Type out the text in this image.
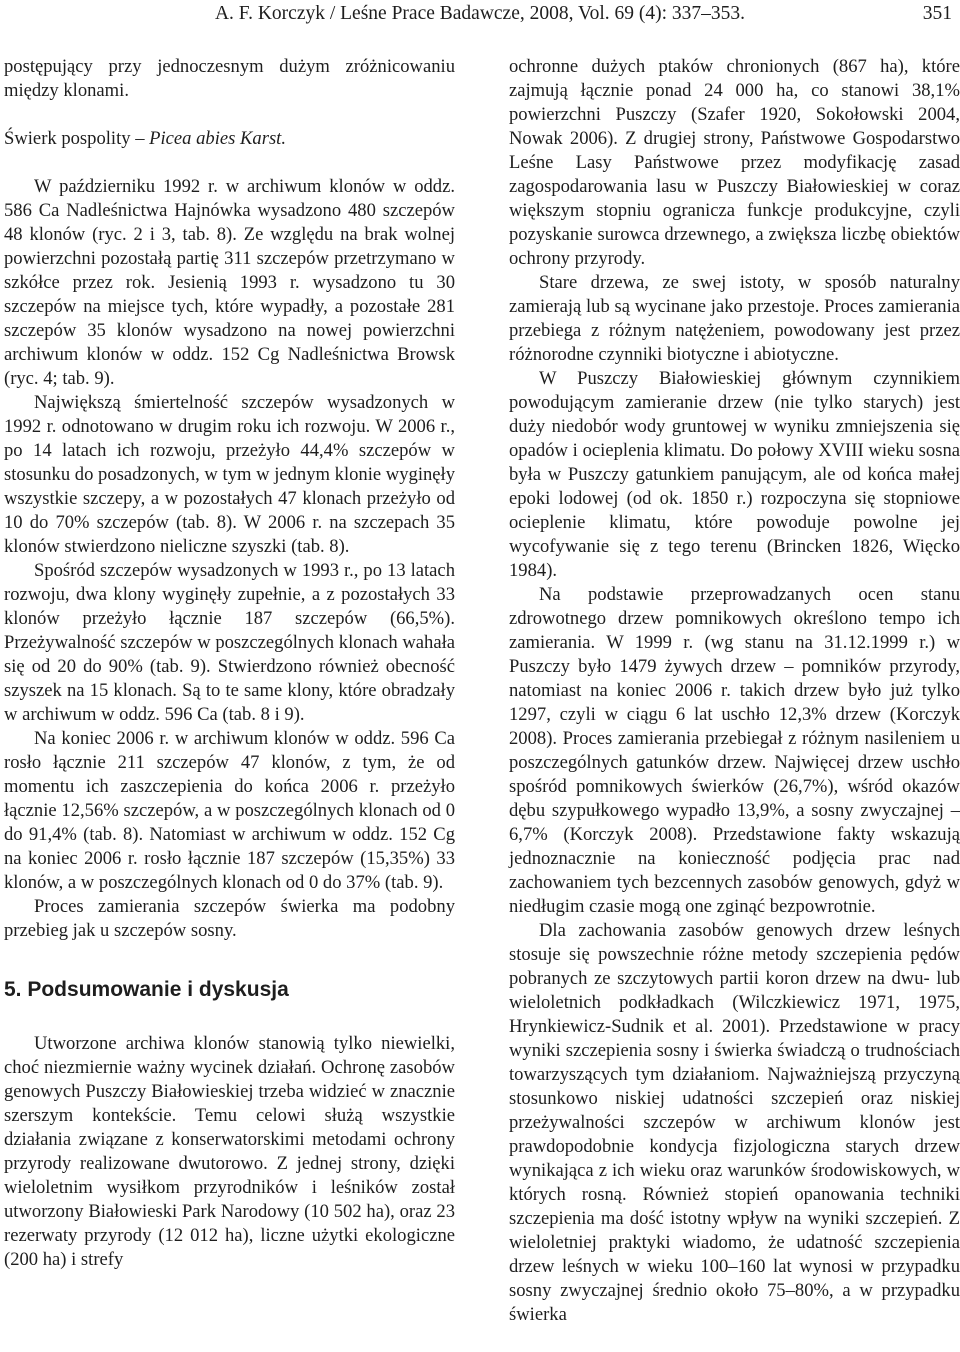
A. F. Korczyk / Leśne Prace Badawcze, 2008, Vol. 69 (4): 337–353.	351

postępujący przy jednoczesnym dużym zróżnicowaniu między klonami.

Świerk pospolity – Picea abies Karst.

W październiku 1992 r. w archiwum klonów w oddz. 586 Ca Nadleśnictwa Hajnówka wysadzono 480 szczepów 48 klonów (ryc. 2 i 3, tab. 8). Ze względu na brak wolnej powierzchni pozostałą partię 311 szczepów przetrzymano w szkółce przez rok. Jesienią 1993 r. wysadzono tu 30 szczepów na miejsce tych, które wypadły, a pozostałe 281 szczepów 35 klonów wysadzono na nowej powierzchni archiwum klonów w oddz. 152 Cg Nadleśnictwa Browsk (ryc. 4; tab. 9).

Największą śmiertelność szczepów wysadzonych w 1992 r. odnotowano w drugim roku ich rozwoju. W 2006 r., po 14 latach ich rozwoju, przeżyło 44,4% szczepów w stosunku do posadzonych, w tym w jednym klonie wyginęły wszystkie szczepy, a w pozostałych 47 klonach przeżyło od 10 do 70% szczepów (tab. 8). W 2006 r. na szczepach 35 klonów stwierdzono nieliczne szyszki (tab. 8).

Spośród szczepów wysadzonych w 1993 r., po 13 latach rozwoju, dwa klony wyginęły zupełnie, a z pozostałych 33 klonów przeżyło łącznie 187 szczepów (66,5%). Przeżywalność szczepów w poszczególnych klonach wahała się od 20 do 90% (tab. 9). Stwierdzono również obecność szyszek na 15 klonach. Są to te same klony, które obradzały w archiwum w oddz. 596 Ca (tab. 8 i 9).

Na koniec 2006 r. w archiwum klonów w oddz. 596 Ca rosło łącznie 211 szczepów 47 klonów, z tym, że od momentu ich zaszczepienia do końca 2006 r. przeżyło łącznie 12,56% szczepów, a w poszczególnych klonach od 0 do 91,4% (tab. 8). Natomiast w archiwum w oddz. 152 Cg na koniec 2006 r. rosło łącznie 187 szczepów (15,35%) 33 klonów, a w poszczególnych klonach od 0 do 37% (tab. 9).

Proces zamierania szczepów świerka ma podobny przebieg jak u szczepów sosny.

5. Podsumowanie i dyskusja

Utworzone archiwa klonów stanowią tylko niewielki, choć niezmiernie ważny wycinek działań. Ochronę zasobów genowych Puszczy Białowieskiej trzeba widzieć w znacznie szerszym kontekście. Temu celowi służą wszystkie działania związane z konserwatorskimi metodami ochrony przyrody realizowane dwutorowo. Z jednej strony, dzięki wieloletnim wysiłkom przyrodników i leśników został utworzony Białowieski Park Narodowy (10 502 ha), oraz 23 rezerwaty przyrody (12 012 ha), liczne użytki ekologiczne (200 ha) i strefy

ochronne dużych ptaków chronionych (867 ha), które zajmują łącznie ponad 24 000 ha, co stanowi 38,1% powierzchni Puszczy (Szafer 1920, Sokołowski 2004, Nowak 2006). Z drugiej strony, Państwowe Gospodarstwo Leśne Lasy Państwowe przez modyfikację zasad zagospodarowania lasu w Puszczy Białowieskiej w coraz większym stopniu ogranicza funkcje produkcyjne, czyli pozyskanie surowca drzewnego, a zwiększa liczbę obiektów ochrony przyrody.

Stare drzewa, ze swej istoty, w sposób naturalny zamierają lub są wycinane jako przestoje. Proces zamierania przebiega z różnym natężeniem, powodowany jest przez różnorodne czynniki biotyczne i abiotyczne.

W Puszczy Białowieskiej głównym czynnikiem powodującym zamieranie drzew (nie tylko starych) jest duży niedobór wody gruntowej w wyniku zmniejszenia się opadów i ocieplenia klimatu. Do połowy XVIII wieku sosna była w Puszczy gatunkiem panującym, ale od końca małej epoki lodowej (od ok. 1850 r.) rozpoczyna się stopniowe ocieplenie klimatu, które powoduje powolne jej wycofywanie się z tego terenu (Brincken 1826, Więcko 1984).

Na podstawie przeprowadzanych ocen stanu zdrowotnego drzew pomnikowych określono tempo ich zamierania. W 1999 r. (wg stanu na 31.12.1999 r.) w Puszczy było 1479 żywych drzew – pomników przyrody, natomiast na koniec 2006 r. takich drzew było już tylko 1297, czyli w ciągu 6 lat uschło 12,3% drzew (Korczyk 2008). Proces zamierania przebiegał z różnym nasileniem u poszczególnych gatunków drzew. Najwięcej drzew uschło spośród pomnikowych świerków (26,7%), wśród okazów dębu szypułkowego wypadło 13,9%, a sosny zwyczajnej – 6,7% (Korczyk 2008). Przedstawione fakty wskazują jednoznacznie na konieczność podjęcia prac nad zachowaniem tych bezcennych zasobów genowych, gdyż w niedługim czasie mogą one zginąć bezpowrotnie.

Dla zachowania zasobów genowych drzew leśnych stosuje się powszechnie różne metody szczepienia pędów pobranych ze szczytowych partii koron drzew na dwu- lub wieloletnich podkładkach (Wilczkiewicz 1971, 1975, Hrynkiewicz-Sudnik et al. 2001). Przedstawione w pracy wyniki szczepienia sosny i świerka świadczą o trudnościach towarzyszących tym działaniom. Najważniejszą przyczyną stosunkowo niskiej udatności szczepień oraz niskiej przeżywalności szczepów w archiwum klonów jest prawdopodobnie kondycja fizjologiczna starych drzew wynikająca z ich wieku oraz warunków środowiskowych, w których rosną. Również stopień opanowania techniki szczepienia ma dość istotny wpływ na wyniki szczepień. Z wieloletniej praktyki wiadomo, że udatność szczepienia drzew leśnych w wieku 100–160 lat wynosi w przypadku sosny zwyczajnej średnio około 75–80%, a w przypadku świerka
